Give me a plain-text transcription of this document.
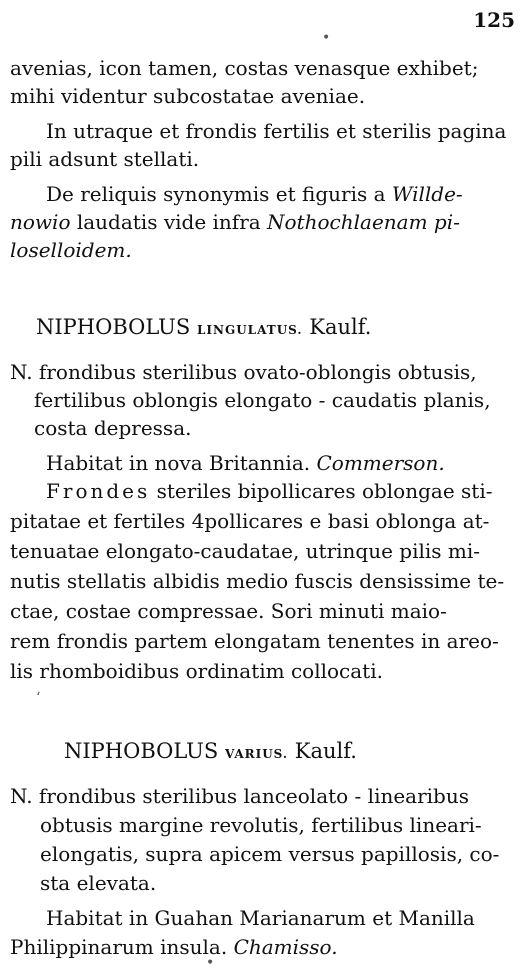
125
avenias, icon tamen, costas venasque exhibet;
mihi videntur subcostatae aveniae.
In utraque et frondis fertilis et sterilis pagina
pili adsunt stellati.
De reliquis synonymis et figuris a Willde-
nowio laudatis vide infra Nothochlaenam pi-
loselloidem.
NIPHOBOLUS LINGULATUS. Kaulf.
N. frondibus sterilibus ovato-oblongis obtusis,
fertilibus oblongis elongato - caudatis planis,
costa depressa.
Habitat in nova Britannia. Commerson.
Frondes steriles bipollicares oblongae sti-
pitatae et fertiles 4pollicares e basi oblonga at-
tenuatae elongato-caudatae, utrinque pilis mi-
nutis stellatis albidis medio fuscis densissime te-
ctae, costae compressae. Sori minuti maio-
rem frondis partem elongatam tenentes in areo-
lis rhomboidibus ordinatim collocati.
NIPHOBOLUS VARIUS. Kaulf.
N. frondibus sterilibus lanceolato - linearibus
obtusis margine revolutis, fertilibus lineari-
elongatis, supra apicem versus papillosis, co-
sta elevata.
Habitat in Guahan Marianarum et Manilla
Philippinarum insula. Chamisso.
•
‘
•
